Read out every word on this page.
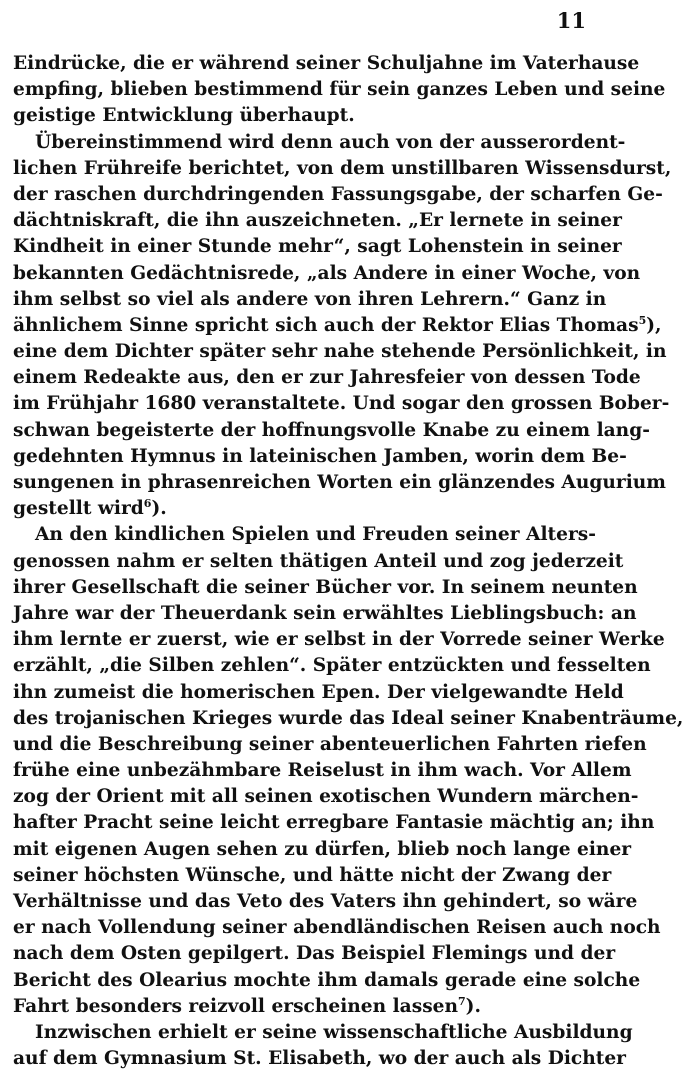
11
Eindrücke, die er während seiner Schuljahne im Vaterhause
empfing, blieben bestimmend für sein ganzes Leben und seine
geistige Entwicklung überhaupt.
Übereinstimmend wird denn auch von der ausserordent-
lichen Frühreife berichtet, von dem unstillbaren Wissensdurst,
der raschen durchdringenden Fassungsgabe, der scharfen Ge-
dächtniskraft, die ihn auszeichneten. „Er lernete in seiner
Kindheit in einer Stunde mehr“, sagt Lohenstein in seiner
bekannten Gedächtnisrede, „als Andere in einer Woche, von
ihm selbst so viel als andere von ihren Lehrern.“ Ganz in
ähnlichem Sinne spricht sich auch der Rektor Elias Thomas$^5$),
eine dem Dichter später sehr nahe stehende Persönlichkeit, in
einem Redeakte aus, den er zur Jahresfeier von dessen Tode
im Frühjahr 1680 veranstaltete. Und sogar den grossen Bober-
schwan begeisterte der hoffnungsvolle Knabe zu einem lang-
gedehnten Hymnus in lateinischen Jamben, worin dem Be-
sungenen in phrasenreichen Worten ein glänzendes Augurium
gestellt wird$^6$).
An den kindlichen Spielen und Freuden seiner Alters-
genossen nahm er selten thätigen Anteil und zog jederzeit
ihrer Gesellschaft die seiner Bücher vor. In seinem neunten
Jahre war der Theuerdank sein erwähltes Lieblingsbuch: an
ihm lernte er zuerst, wie er selbst in der Vorrede seiner Werke
erzählt, „die Silben zehlen“. Später entzückten und fesselten
ihn zumeist die homerischen Epen. Der vielgewandte Held
des trojanischen Krieges wurde das Ideal seiner Knabenträume,
und die Beschreibung seiner abenteuerlichen Fahrten riefen
frühe eine unbezähmbare Reiselust in ihm wach. Vor Allem
zog der Orient mit all seinen exotischen Wundern märchen-
hafter Pracht seine leicht erregbare Fantasie mächtig an; ihn
mit eigenen Augen sehen zu dürfen, blieb noch lange einer
seiner höchsten Wünsche, und hätte nicht der Zwang der
Verhältnisse und das Veto des Vaters ihn gehindert, so wäre
er nach Vollendung seiner abendländischen Reisen auch noch
nach dem Osten gepilgert. Das Beispiel Flemings und der
Bericht des Olearius mochte ihm damals gerade eine solche
Fahrt besonders reizvoll erscheinen lassen$^7$).
Inzwischen erhielt er seine wissenschaftliche Ausbildung
auf dem Gymnasium St. Elisabeth, wo der auch als Dichter
